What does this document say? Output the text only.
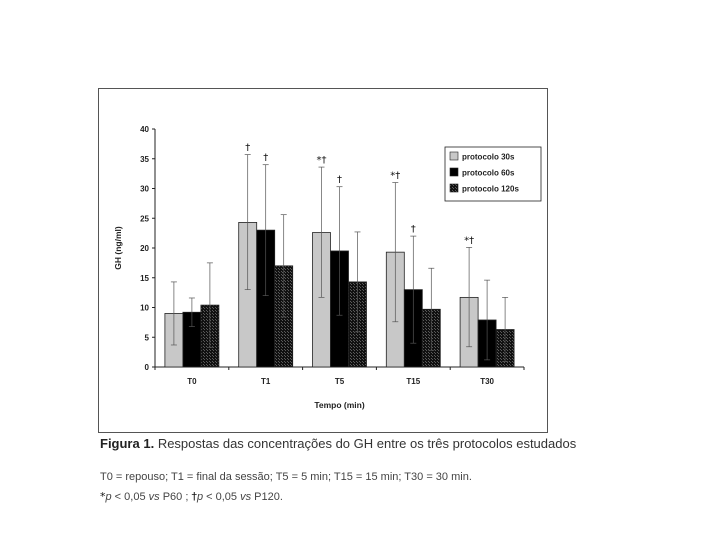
†
†	*†
†	*†
†
*†
0
5
10
15
20
25
30
35
40
T0	T1	T5	T15	T30
Tempo (min)
GH (ng/ml)
protocolo 30s
protocolo 60s
protocolo 120s
Figura 1. Respostas das concentrações do GH entre os três protocolos estudados
T0 = repouso; T1 = final da sessão; T5 = 5 min; T15 = 15 min; T30 = 30 min.
*p < 0,05 vs P60 ; †p < 0,05 vs P120.
